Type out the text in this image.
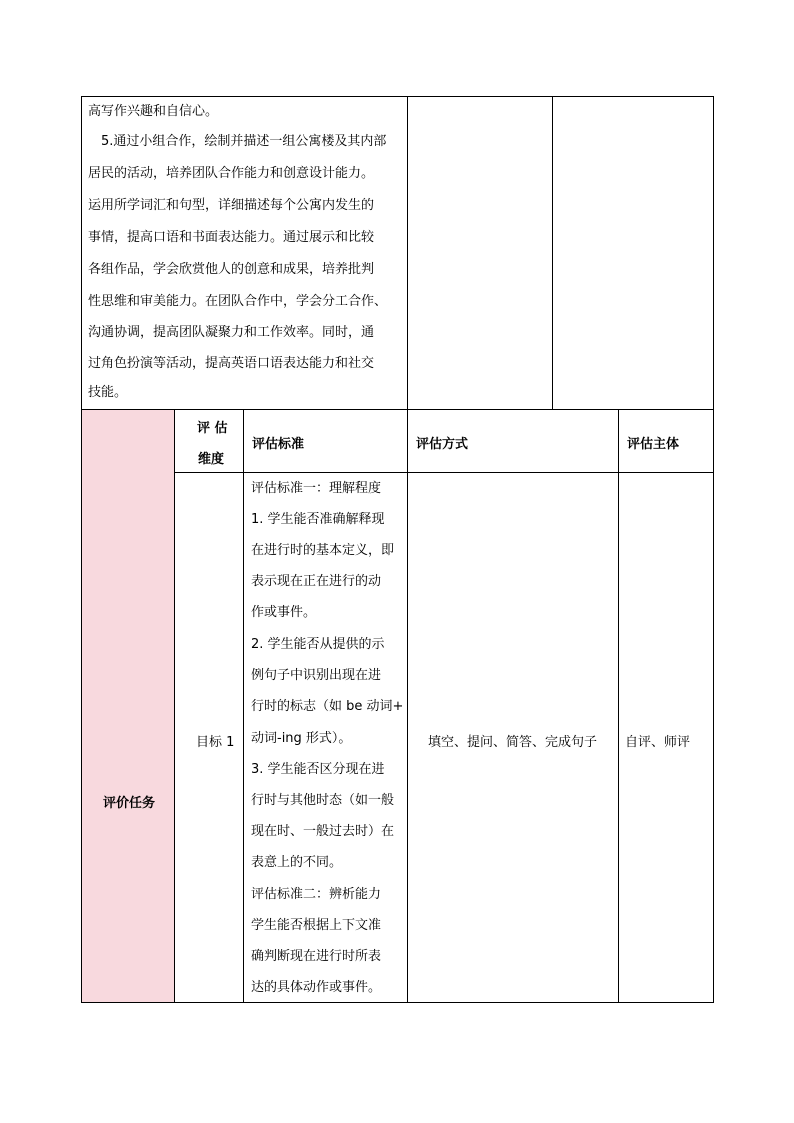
高写作兴趣和自信心。
5.通过小组合作，绘制并描述一组公寓楼及其内部
居民的活动，培养团队合作能力和创意设计能力。
运用所学词汇和句型，详细描述每个公寓内发生的
事情，提高口语和书面表达能力。通过展示和比较
各组作品，学会欣赏他人的创意和成果，培养批判
性思维和审美能力。在团队合作中，学会分工合作、
沟通协调，提高团队凝聚力和工作效率。同时，通
过角色扮演等活动，提高英语口语表达能力和社交
技能。
评 估
维度
评估标准	评估方式	评估主体
评价任务
目标 1
评估标准一：理解程度
1. 学生能否准确解释现
在进行时的基本定义，即
表示现在正在进行的动
作或事件。
2. 学生能否从提供的示
例句子中识别出现在进
行时的标志（如 be 动词+
动词-ing 形式）。
3. 学生能否区分现在进
行时与其他时态（如一般
现在时、一般过去时）在
表意上的不同。
评估标准二：辨析能力
学生能否根据上下文准
确判断现在进行时所表
达的具体动作或事件。
填空、提问、简答、完成句子 自评、师评
